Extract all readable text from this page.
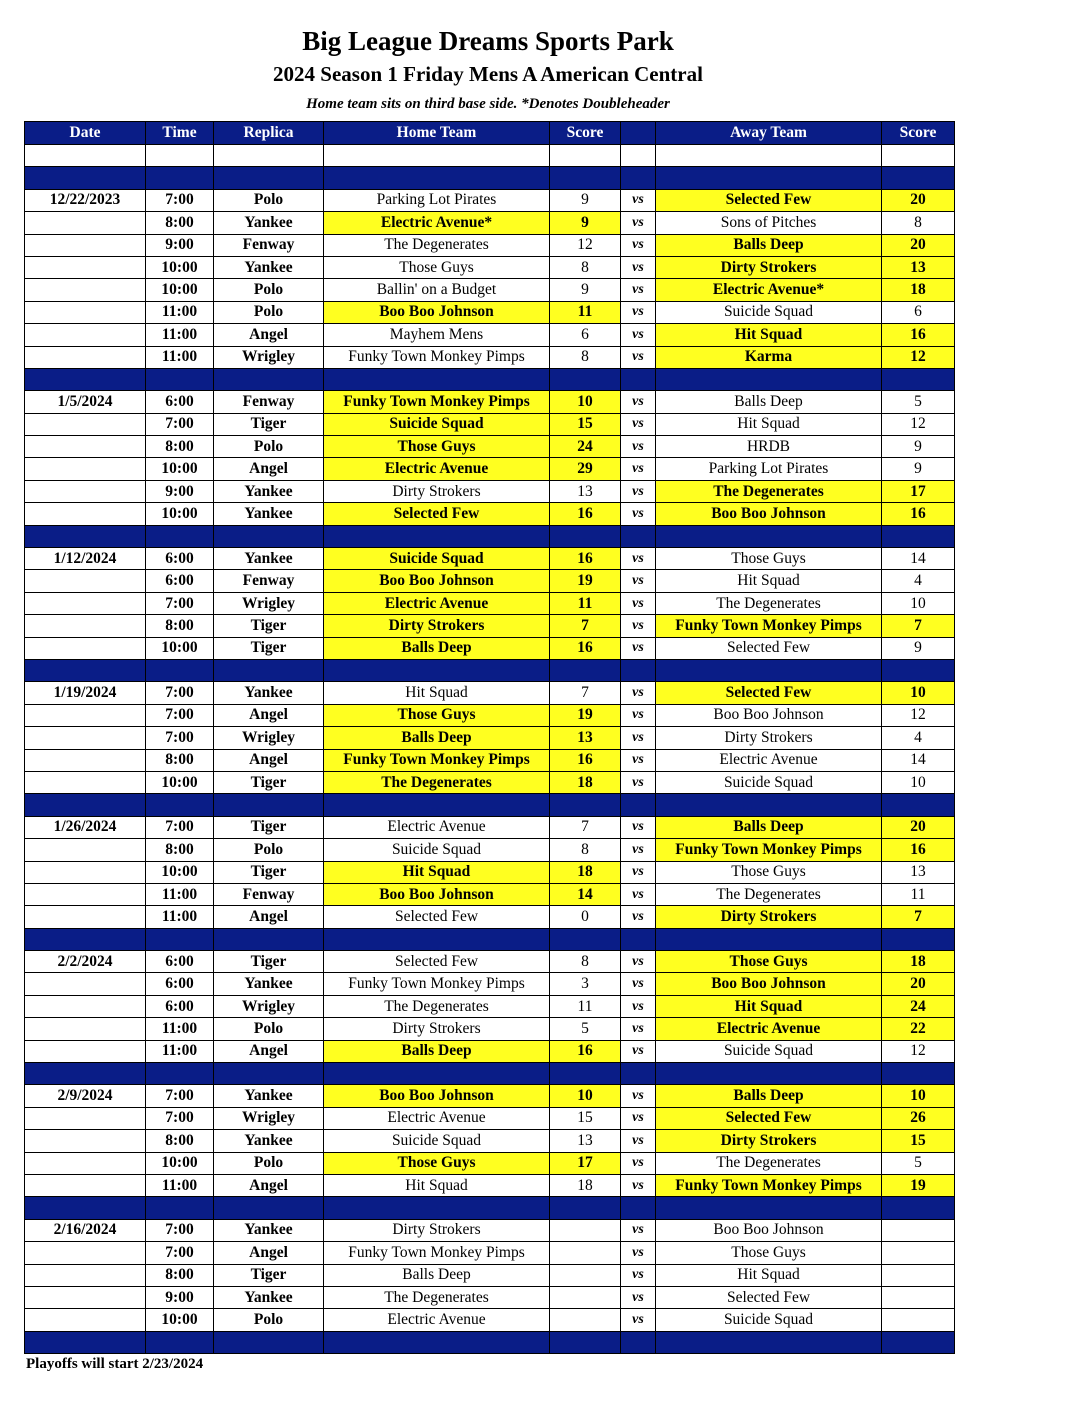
Big League Dreams Sports Park
2024 Season 1 Friday Mens A American Central
Home team sits on third base side. *Denotes Doubleheader
Date	Time	Replica	Home Team	Score		Away Team	Score

12/22/2023	7:00	Polo	Parking Lot Pirates	9	vs	Selected Few	20
	8:00	Yankee	Electric Avenue*	9	vs	Sons of Pitches	8
	9:00	Fenway	The Degenerates	12	vs	Balls Deep	20
	10:00	Yankee	Those Guys	8	vs	Dirty Strokers	13
	10:00	Polo	Ballin' on a Budget	9	vs	Electric Avenue*	18
	11:00	Polo	Boo Boo Johnson	11	vs	Suicide Squad	6
	11:00	Angel	Mayhem Mens	6	vs	Hit Squad	16
	11:00	Wrigley	Funky Town Monkey Pimps	8	vs	Karma	12

1/5/2024	6:00	Fenway	Funky Town Monkey Pimps	10	vs	Balls Deep	5
	7:00	Tiger	Suicide Squad	15	vs	Hit Squad	12
	8:00	Polo	Those Guys	24	vs	HRDB	9
	10:00	Angel	Electric Avenue	29	vs	Parking Lot Pirates	9
	9:00	Yankee	Dirty Strokers	13	vs	The Degenerates	17
	10:00	Yankee	Selected Few	16	vs	Boo Boo Johnson	16

1/12/2024	6:00	Yankee	Suicide Squad	16	vs	Those Guys	14
	6:00	Fenway	Boo Boo Johnson	19	vs	Hit Squad	4
	7:00	Wrigley	Electric Avenue	11	vs	The Degenerates	10
	8:00	Tiger	Dirty Strokers	7	vs	Funky Town Monkey Pimps	7
	10:00	Tiger	Balls Deep	16	vs	Selected Few	9

1/19/2024	7:00	Yankee	Hit Squad	7	vs	Selected Few	10
	7:00	Angel	Those Guys	19	vs	Boo Boo Johnson	12
	7:00	Wrigley	Balls Deep	13	vs	Dirty Strokers	4
	8:00	Angel	Funky Town Monkey Pimps	16	vs	Electric Avenue	14
	10:00	Tiger	The Degenerates	18	vs	Suicide Squad	10

1/26/2024	7:00	Tiger	Electric Avenue	7	vs	Balls Deep	20
	8:00	Polo	Suicide Squad	8	vs	Funky Town Monkey Pimps	16
	10:00	Tiger	Hit Squad	18	vs	Those Guys	13
	11:00	Fenway	Boo Boo Johnson	14	vs	The Degenerates	11
	11:00	Angel	Selected Few	0	vs	Dirty Strokers	7

2/2/2024	6:00	Tiger	Selected Few	8	vs	Those Guys	18
	6:00	Yankee	Funky Town Monkey Pimps	3	vs	Boo Boo Johnson	20
	6:00	Wrigley	The Degenerates	11	vs	Hit Squad	24
	11:00	Polo	Dirty Strokers	5	vs	Electric Avenue	22
	11:00	Angel	Balls Deep	16	vs	Suicide Squad	12

2/9/2024	7:00	Yankee	Boo Boo Johnson	10	vs	Balls Deep	10
	7:00	Wrigley	Electric Avenue	15	vs	Selected Few	26
	8:00	Yankee	Suicide Squad	13	vs	Dirty Strokers	15
	10:00	Polo	Those Guys	17	vs	The Degenerates	5
	11:00	Angel	Hit Squad	18	vs	Funky Town Monkey Pimps	19

2/16/2024	7:00	Yankee	Dirty Strokers		vs	Boo Boo Johnson	
	7:00	Angel	Funky Town Monkey Pimps		vs	Those Guys	
	8:00	Tiger	Balls Deep		vs	Hit Squad	
	9:00	Yankee	The Degenerates		vs	Selected Few	
	10:00	Polo	Electric Avenue		vs	Suicide Squad	

Playoffs will start 2/23/2024
